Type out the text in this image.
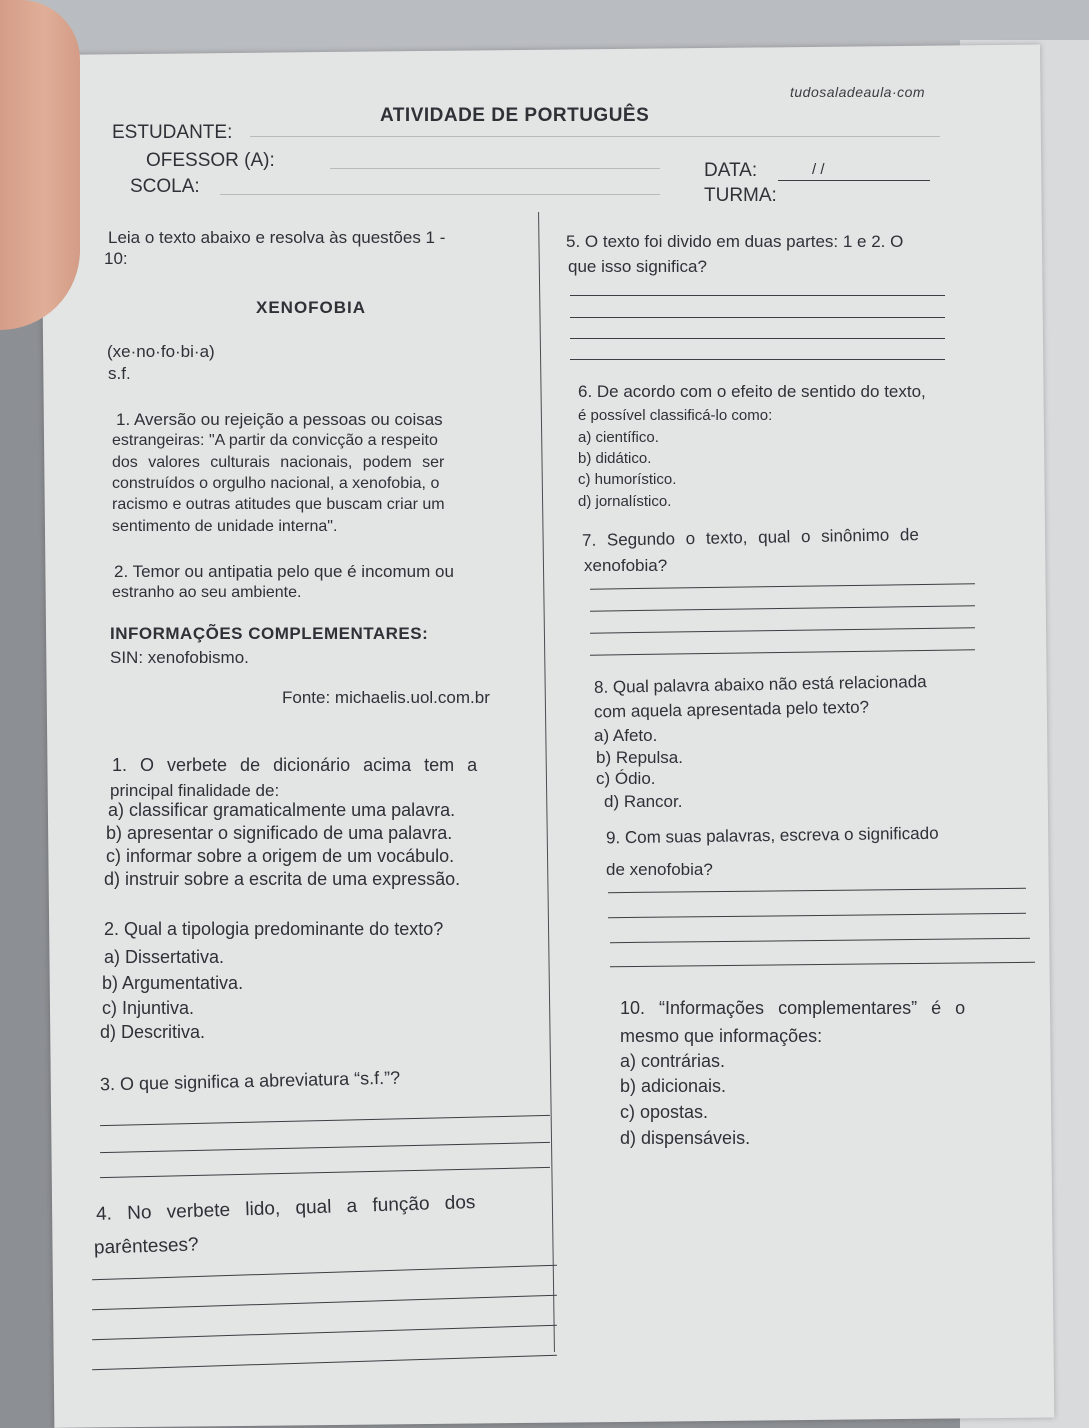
tudosaladeaula·com
ATIVIDADE DE PORTUGUÊS
ESTUDANTE:
OFESSOR (A):
SCOLA:
DATA:	/ /
TURMA:
Leia o texto abaixo e resolva às questões 1 -
10:
XENOFOBIA
(xe·no·fo·bi·a)
s.f.
1. Aversão ou rejeição a pessoas ou coisas
estrangeiras: "A partir da convicção a respeito
dos valores culturais nacionais, podem ser
construídos o orgulho nacional, a xenofobia, o
racismo e outras atitudes que buscam criar um
sentimento de unidade interna".
2. Temor ou antipatia pelo que é incomum ou
estranho ao seu ambiente.
INFORMAÇÕES COMPLEMENTARES:
SIN: xenofobismo.
Fonte: michaelis.uol.com.br
1. O verbete de dicionário acima tem a
principal finalidade de:
a) classificar gramaticalmente uma palavra.
b) apresentar o significado de uma palavra.
c) informar sobre a origem de um vocábulo.
d) instruir sobre a escrita de uma expressão.
2. Qual a tipologia predominante do texto?
a) Dissertativa.
b) Argumentativa.
c) Injuntiva.
d) Descritiva.
3. O que significa a abreviatura “s.f.”?
4. No verbete lido, qual a função dos
parênteses?
5. O texto foi divido em duas partes: 1 e 2. O
que isso significa?
6. De acordo com o efeito de sentido do texto,
é possível classificá-lo como:
a) científico.
b) didático.
c) humorístico.
d) jornalístico.
7. Segundo o texto, qual o sinônimo de
xenofobia?
8. Qual palavra abaixo não está relacionada
com aquela apresentada pelo texto?
a) Afeto.
b) Repulsa.
c) Ódio.
d) Rancor.
9. Com suas palavras, escreva o significado
de xenofobia?
10. “Informações complementares” é o
mesmo que informações:
a) contrárias.
b) adicionais.
c) opostas.
d) dispensáveis.
